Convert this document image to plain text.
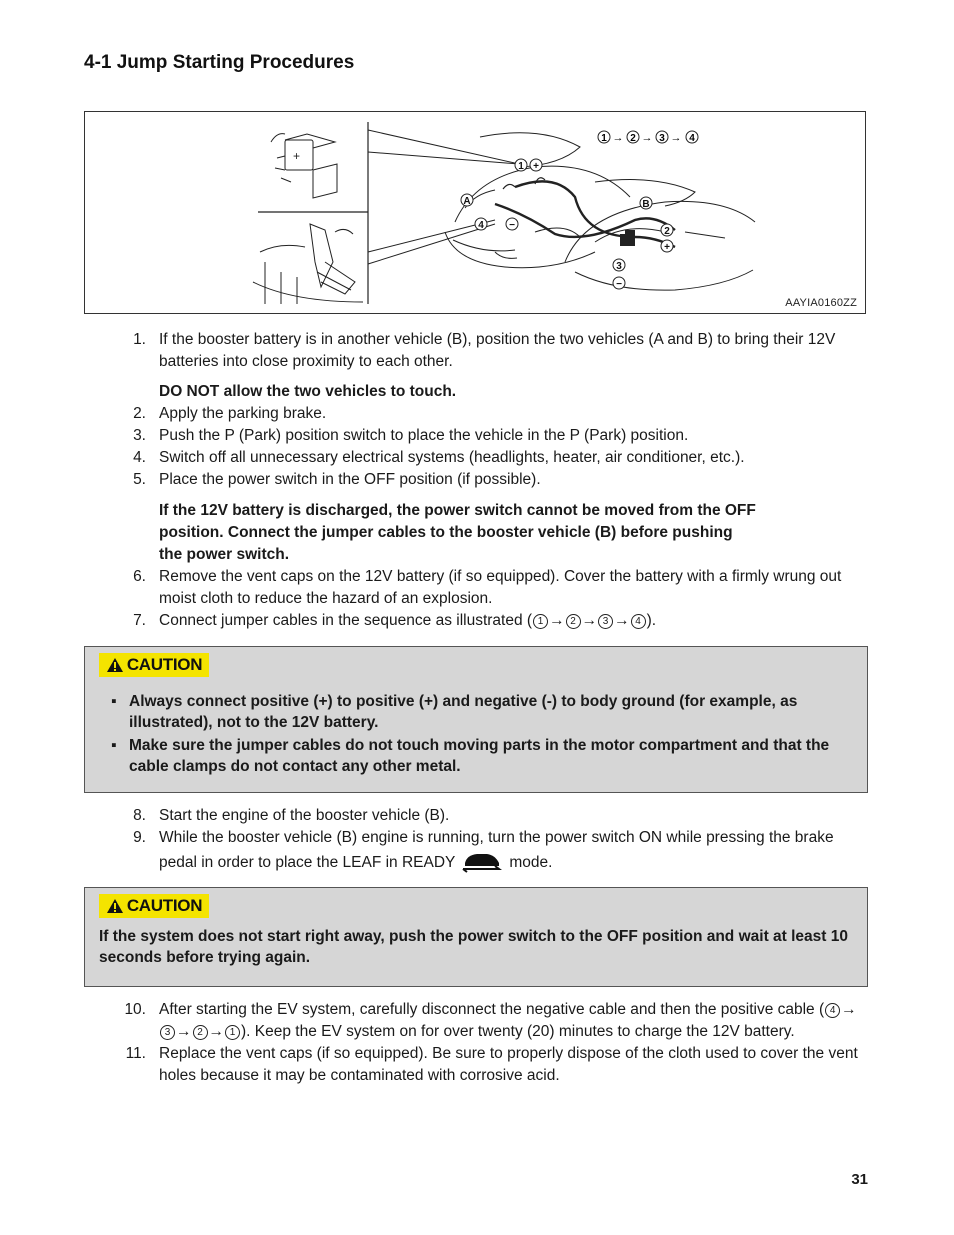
4-1 Jump Starting Procedures
+
1 +
A
4	−
B
2
+
3
−
1 → 2 → 3 → 4
AAYIA0160ZZ
1. If the booster battery is in another vehicle (B), position the two vehicles (A and B) to bring their 12V batteries into close proximity to each other.
DO NOT allow the two vehicles to touch.
2. Apply the parking brake.
3. Push the P (Park) position switch to place the vehicle in the P (Park) position.
4. Switch off all unnecessary electrical systems (headlights, heater, air conditioner, etc.).
5. Place the power switch in the OFF position (if possible).
If the 12V battery is discharged, the power switch cannot be moved from the OFF
position. Connect the jumper cables to the booster vehicle (B) before pushing
the power switch.
6. Remove the vent caps on the 12V battery (if so equipped). Cover the battery with a firmly wrung out moist cloth to reduce the hazard of an explosion.
7. Connect jumper cables in the sequence as illustrated ( 1 → 2 → 3 → 4 ).
CAUTION
▪ Always connect positive (+) to positive (+) and negative (-) to body ground (for example, as illustrated), not to the 12V battery.
▪ Make sure the jumper cables do not touch moving parts in the motor compartment and that the cable clamps do not contact any other metal.
8. Start the engine of the booster vehicle (B).
9. While the booster vehicle (B) engine is running, turn the power switch ON while pressing the brake pedal in order to place the LEAF in READY	mode.
CAUTION
If the system does not start right away, push the power switch to the OFF position and wait at least 10 seconds before trying again.
10. After starting the EV system, carefully disconnect the negative cable and then the positive cable ( 4 →3 → 2 → 1 ). Keep the EV system on for over twenty (20) minutes to charge the 12V battery.
11. Replace the vent caps (if so equipped). Be sure to properly dispose of the cloth used to cover the vent holes because it may be contaminated with corrosive acid.
31
